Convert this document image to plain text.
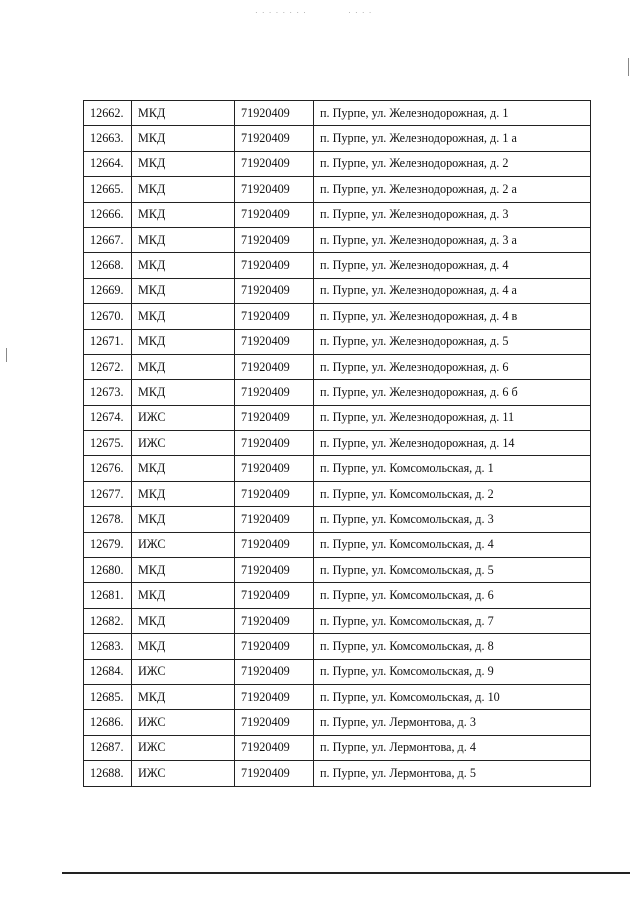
· · · · · · · ·	· · · ·
12662.	МКД	71920409	п. Пурпе, ул. Железнодорожная, д. 1
12663.	МКД	71920409	п. Пурпе, ул. Железнодорожная, д. 1 а
12664.	МКД	71920409	п. Пурпе, ул. Железнодорожная, д. 2
12665.	МКД	71920409	п. Пурпе, ул. Железнодорожная, д. 2 а
12666.	МКД	71920409	п. Пурпе, ул. Железнодорожная, д. 3
12667.	МКД	71920409	п. Пурпе, ул. Железнодорожная, д. 3 а
12668.	МКД	71920409	п. Пурпе, ул. Железнодорожная, д. 4
12669.	МКД	71920409	п. Пурпе, ул. Железнодорожная, д. 4 а
12670.	МКД	71920409	п. Пурпе, ул. Железнодорожная, д. 4 в
12671.	МКД	71920409	п. Пурпе, ул. Железнодорожная, д. 5
12672.	МКД	71920409	п. Пурпе, ул. Железнодорожная, д. 6
12673.	МКД	71920409	п. Пурпе, ул. Железнодорожная, д. 6 б
12674.	ИЖС	71920409	п. Пурпе, ул. Железнодорожная, д. 11
12675.	ИЖС	71920409	п. Пурпе, ул. Железнодорожная, д. 14
12676.	МКД	71920409	п. Пурпе, ул. Комсомольская, д. 1
12677.	МКД	71920409	п. Пурпе, ул. Комсомольская, д. 2
12678.	МКД	71920409	п. Пурпе, ул. Комсомольская, д. 3
12679.	ИЖС	71920409	п. Пурпе, ул. Комсомольская, д. 4
12680.	МКД	71920409	п. Пурпе, ул. Комсомольская, д. 5
12681.	МКД	71920409	п. Пурпе, ул. Комсомольская, д. 6
12682.	МКД	71920409	п. Пурпе, ул. Комсомольская, д. 7
12683.	МКД	71920409	п. Пурпе, ул. Комсомольская, д. 8
12684.	ИЖС	71920409	п. Пурпе, ул. Комсомольская, д. 9
12685.	МКД	71920409	п. Пурпе, ул. Комсомольская, д. 10
12686.	ИЖС	71920409	п. Пурпе, ул. Лермонтова, д. 3
12687.	ИЖС	71920409	п. Пурпе, ул. Лермонтова, д. 4
12688.	ИЖС	71920409	п. Пурпе, ул. Лермонтова, д. 5
